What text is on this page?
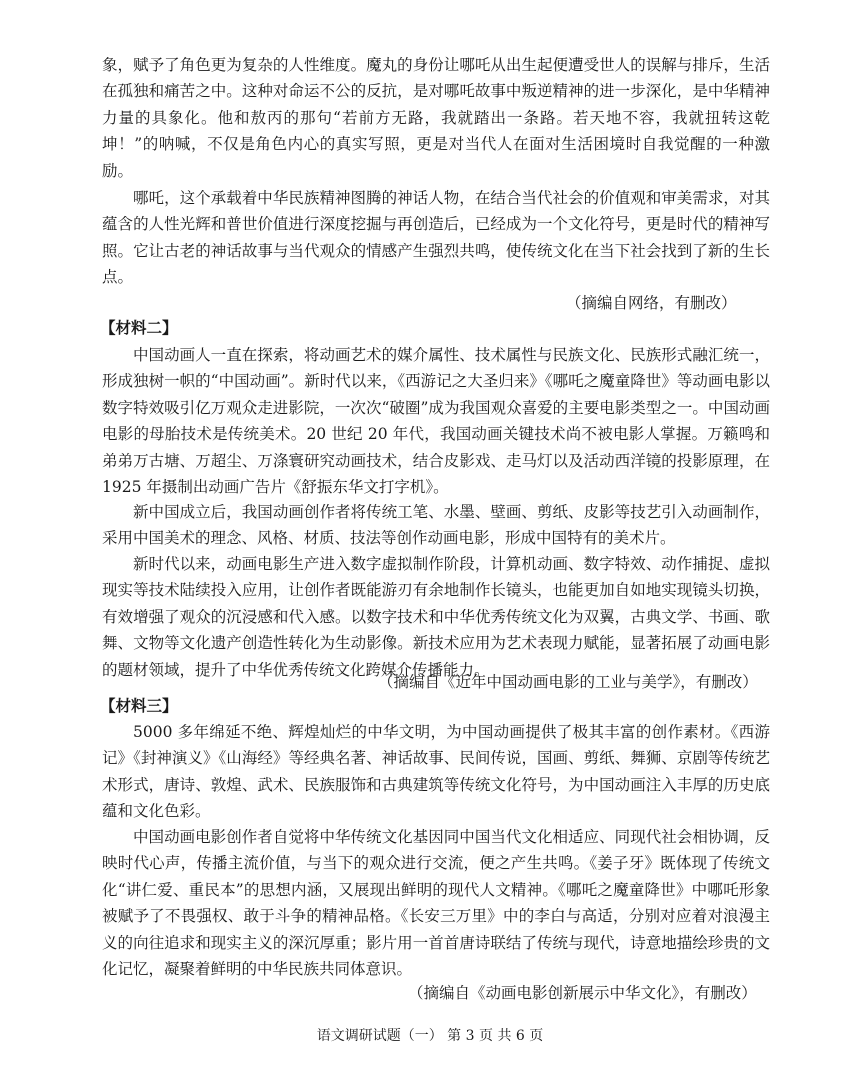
象，赋予了角色更为复杂的人性维度。魔丸的身份让哪吒从出生起便遭受世人的误解与排斥，生活在孤独和痛苦之中。这种对命运不公的反抗，是对哪吒故事中叛逆精神的进一步深化，是中华精神力量的具象化。他和敖丙的那句“若前方无路，我就踏出一条路。若天地不容，我就扭转这乾坤！”的呐喊，不仅是角色内心的真实写照，更是对当代人在面对生活困境时自我觉醒的一种激励。

哪吒，这个承载着中华民族精神图腾的神话人物，在结合当代社会的价值观和审美需求，对其蕴含的人性光辉和普世价值进行深度挖掘与再创造后，已经成为一个文化符号，更是时代的精神写照。它让古老的神话故事与当代观众的情感产生强烈共鸣，使传统文化在当下社会找到了新的生长点。

（摘编自网络，有删改）
【材料二】

中国动画人一直在探索，将动画艺术的媒介属性、技术属性与民族文化、民族形式融汇统一，形成独树一帜的“中国动画”。新时代以来，《西游记之大圣归来》《哪吒之魔童降世》等动画电影以数字特效吸引亿万观众走进影院，一次次“破圈”成为我国观众喜爱的主要电影类型之一。中国动画电影的母胎技术是传统美术。20 世纪 20 年代，我国动画关键技术尚不被电影人掌握。万籁鸣和弟弟万古塘、万超尘、万涤寰研究动画技术，结合皮影戏、走马灯以及活动西洋镜的投影原理，在 1925 年摄制出动画广告片《舒振东华文打字机》。

新中国成立后，我国动画创作者将传统工笔、水墨、壁画、剪纸、皮影等技艺引入动画制作，采用中国美术的理念、风格、材质、技法等创作动画电影，形成中国特有的美术片。

新时代以来，动画电影生产进入数字虚拟制作阶段，计算机动画、数字特效、动作捕捉、虚拟现实等技术陆续投入应用，让创作者既能游刃有余地制作长镜头，也能更加自如地实现镜头切换，有效增强了观众的沉浸感和代入感。以数字技术和中华优秀传统文化为双翼，古典文学、书画、歌舞、文物等文化遗产创造性转化为生动影像。新技术应用为艺术表现力赋能，显著拓展了动画电影的题材领域，提升了中华优秀传统文化跨媒介传播能力。

（摘编自《近年中国动画电影的工业与美学》，有删改）
【材料三】

5000 多年绵延不绝、辉煌灿烂的中华文明，为中国动画提供了极其丰富的创作素材。《西游记》《封神演义》《山海经》等经典名著、神话故事、民间传说，国画、剪纸、舞狮、京剧等传统艺术形式，唐诗、敦煌、武术、民族服饰和古典建筑等传统文化符号，为中国动画注入丰厚的历史底蕴和文化色彩。

中国动画电影创作者自觉将中华传统文化基因同中国当代文化相适应、同现代社会相协调，反映时代心声，传播主流价值，与当下的观众进行交流，便之产生共鸣。《姜子牙》既体现了传统文化“讲仁爱、重民本”的思想内涵，又展现出鲜明的现代人文精神。《哪吒之魔童降世》中哪吒形象被赋予了不畏强权、敢于斗争的精神品格。《长安三万里》中的李白与高适，分别对应着对浪漫主义的向往追求和现实主义的深沉厚重；影片用一首首唐诗联结了传统与现代，诗意地描绘珍贵的文化记忆，凝聚着鲜明的中华民族共同体意识。

（摘编自《动画电影创新展示中华文化》，有删改）
语文调研试题（一） 第 3 页 共 6 页
